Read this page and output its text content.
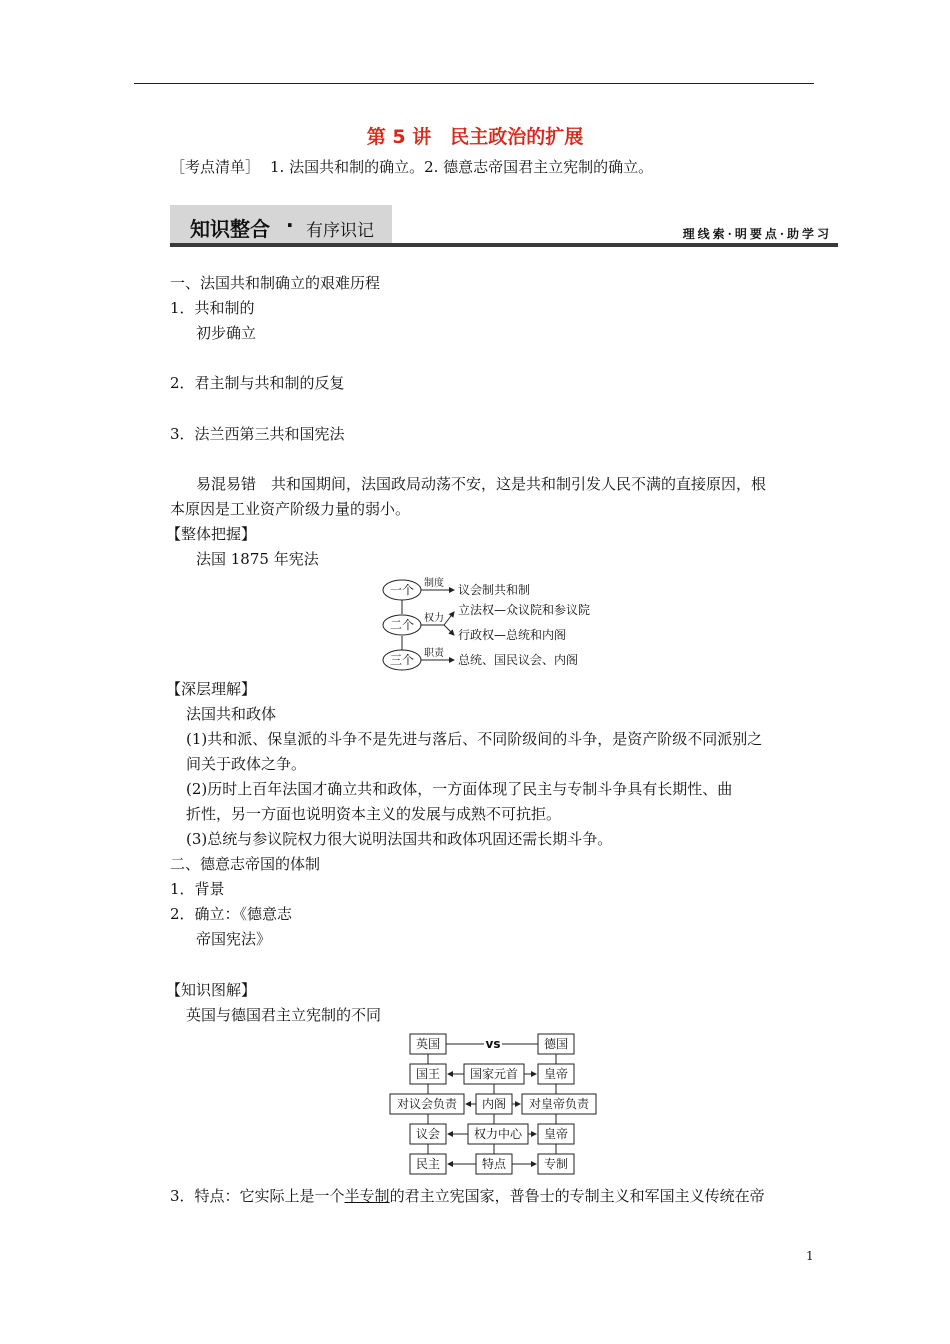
第 5 讲　民主政治的扩展
［考点清单］ 1. 法国共和制的确立。2. 德意志帝国君主立宪制的确立。
知识整合 · 有序识记	理线索·明要点·助学习
一、法国共和制确立的艰难历程
1．共和制的
初步确立
2．君主制与共和制的反复
3．法兰西第三共和国宪法
易混易错　共和国期间，法国政局动荡不安，这是共和制引发人民不满的直接原因，根
本原因是工业资产阶级力量的弱小。
【整体把握】
法国 1875 年宪法
一个
二个
三个
制度
权力
职责
议会制共和制
立法权—众议院和参议院
行政权—总统和内阁
总统、国民议会、内阁
【深层理解】
法国共和政体
(1)共和派、保皇派的斗争不是先进与落后、不同阶级间的斗争，是资产阶级不同派别之
间关于政体之争。
(2)历时上百年法国才确立共和政体，一方面体现了民主与专制斗争具有长期性、曲
折性，另一方面也说明资本主义的发展与成熟不可抗拒。
(3)总统与参议院权力很大说明法国共和政体巩固还需长期斗争。
二、德意志帝国的体制
1．背景
2．确立：《德意志
帝国宪法》
【知识图解】
英国与德国君主立宪制的不同
英国
国王
对议会负责
议会
民主
vs
国家元首
内阁
权力中心
特点
德国
皇帝
对皇帝负责
皇帝
专制
3．特点：它实际上是一个半专制的君主立宪国家，普鲁士的专制主义和军国主义传统在帝
1
